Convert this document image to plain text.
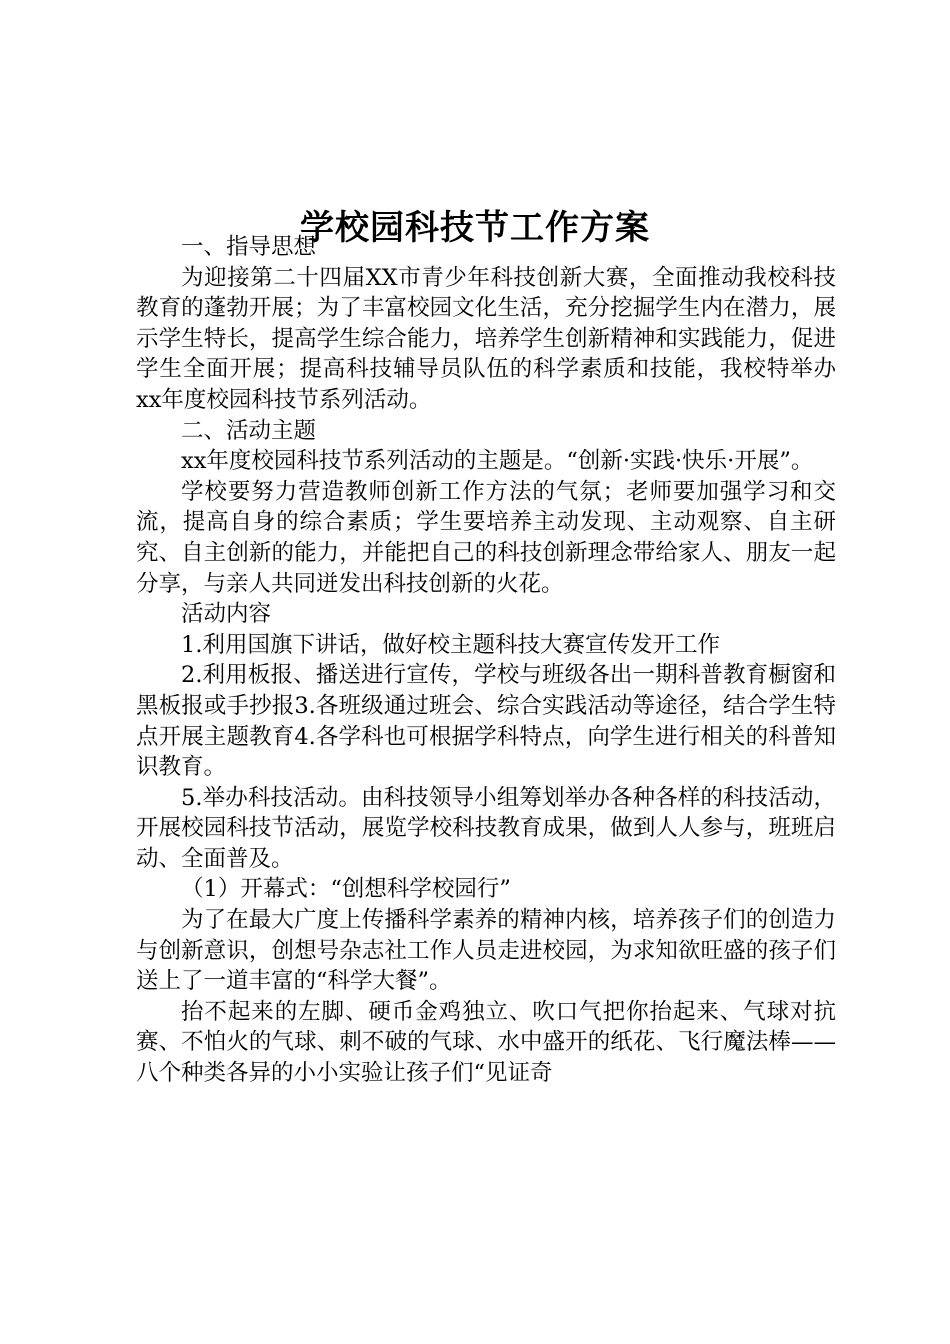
学校园科技节工作方案

一、指导思想

为迎接第二十四届XX市青少年科技创新大赛，全面推动我校科技教育的蓬勃开展；为了丰富校园文化生活，充分挖掘学生内在潜力，展示学生特长，提高学生综合能力，培养学生创新精神和实践能力，促进学生全面开展；提高科技辅导员队伍的科学素质和技能，我校特举办xx年度校园科技节系列活动。

二、活动主题

xx年度校园科技节系列活动的主题是。“创新·实践·快乐·开展”。

学校要努力营造教师创新工作方法的气氛；老师要加强学习和交流，提高自身的综合素质；学生要培养主动发现、主动观察、自主研究、自主创新的能力，并能把自己的科技创新理念带给家人、朋友一起分享，与亲人共同迸发出科技创新的火花。

活动内容

1.利用国旗下讲话，做好校主题科技大赛宣传发开工作

2.利用板报、播送进行宣传，学校与班级各出一期科普教育橱窗和黑板报或手抄报3.各班级通过班会、综合实践活动等途径，结合学生特点开展主题教育4.各学科也可根据学科特点，向学生进行相关的科普知识教育。

5.举办科技活动。由科技领导小组筹划举办各种各样的科技活动，开展校园科技节活动，展览学校科技教育成果，做到人人参与，班班启动、全面普及。

（1）开幕式：“创想科学校园行”

为了在最大广度上传播科学素养的精神内核，培养孩子们的创造力与创新意识，创想号杂志社工作人员走进校园，为求知欲旺盛的孩子们送上了一道丰富的“科学大餐”。

抬不起来的左脚、硬币金鸡独立、吹口气把你抬起来、气球对抗赛、不怕火的气球、刺不破的气球、水中盛开的纸花、飞行魔法棒——八个种类各异的小小实验让孩子们“见证奇
